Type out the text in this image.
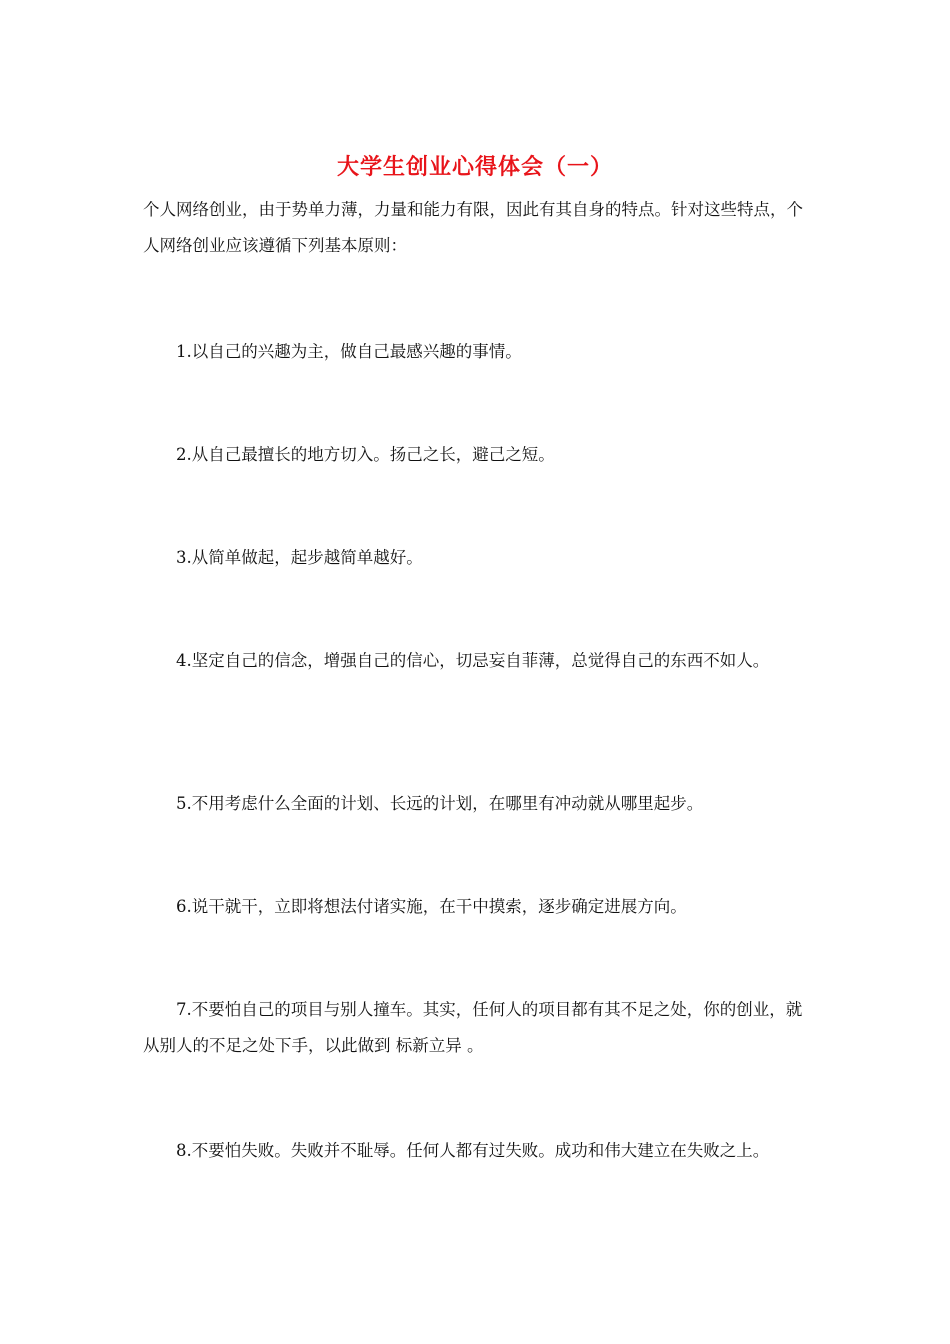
大学生创业心得体会（一）

个人网络创业，由于势单力薄，力量和能力有限，因此有其自身的特点。针对这些特点，个人网络创业应该遵循下列基本原则：

1.以自己的兴趣为主，做自己最感兴趣的事情。

2.从自己最擅长的地方切入。扬己之长，避己之短。

3.从简单做起，起步越简单越好。

4.坚定自己的信念，增强自己的信心，切忌妄自菲薄，总觉得自己的东西不如人。

5.不用考虑什么全面的计划、长远的计划，在哪里有冲动就从哪里起步。

6.说干就干，立即将想法付诸实施，在干中摸索，逐步确定进展方向。

7.不要怕自己的项目与别人撞车。其实，任何人的项目都有其不足之处，你的创业，就从别人的不足之处下手，以此做到 标新立异 。

8.不要怕失败。失败并不耻辱。任何人都有过失败。成功和伟大建立在失败之上。
